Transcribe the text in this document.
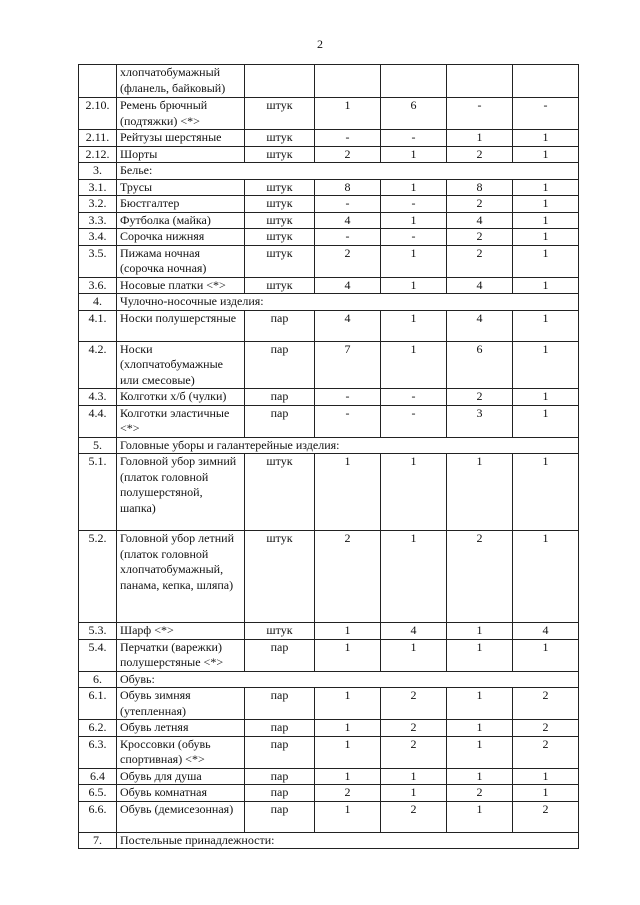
2
	хлопчатобумажный (фланель, байковый)					
2.10.	Ремень брючный (подтяжки) <*>	штук	1	6	-	-
2.11.	Рейтузы шерстяные	штук	-	-	1	1
2.12.	Шорты	штук	2	1	2	1
3.	Белье:					
3.1.	Трусы	штук	8	1	8	1
3.2.	Бюстгалтер	штук	-	-	2	1
3.3.	Футболка (майка)	штук	4	1	4	1
3.4.	Сорочка нижняя	штук	-	-	2	1
3.5.	Пижама ночная (сорочка ночная)	штук	2	1	2	1
3.6.	Носовые платки <*>	штук	4	1	4	1
4.	Чулочно-носочные изделия:					
4.1.	Носки полушерстяные	пар	4	1	4	1
4.2.	Носки (хлопчатобумажные или смесовые)	пар	7	1	6	1
4.3.	Колготки х/б (чулки)	пар	-	-	2	1
4.4.	Колготки эластичные <*>	пар	-	-	3	1
5.	Головные уборы и галантерейные изделия:					
5.1.	Головной убор зимний (платок головной полушерстяной, шапка)	штук	1	1	1	1
5.2.	Головной убор летний (платок головной хлопчатобумажный, панама, кепка, шляпа)	штук	2	1	2	1
5.3.	Шарф <*>	штук	1	4	1	4
5.4.	Перчатки (варежки) полушерстяные <*>	пар	1	1	1	1
6.	Обувь:					
6.1.	Обувь зимняя (утепленная)	пар	1	2	1	2
6.2.	Обувь летняя	пар	1	2	1	2
6.3.	Кроссовки (обувь спортивная) <*>	пар	1	2	1	2
6.4	Обувь для душа	пар	1	1	1	1
6.5.	Обувь комнатная	пар	2	1	2	1
6.6.	Обувь (демисезонная)	пар	1	2	1	2
7.	Постельные принадлежности:					
